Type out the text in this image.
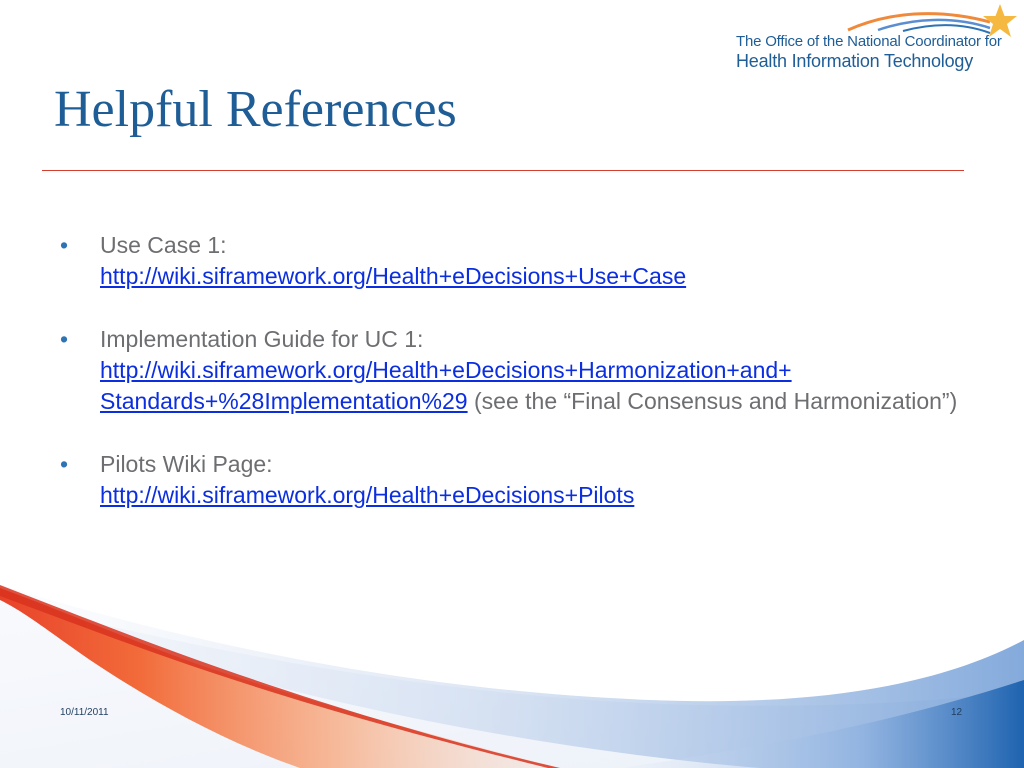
The Office of the National Coordinator for
Health Information Technology
Helpful References
• Use Case 1:
http://wiki.siframework.org/Health+eDecisions+Use+Case
• Implementation Guide for UC 1:
http://wiki.siframework.org/Health+eDecisions+Harmonization+and+
Standards+%28Implementation%29 (see the “Final Consensus and Harmonization”)
• Pilots Wiki Page:
http://wiki.siframework.org/Health+eDecisions+Pilots
10/11/2011	12
